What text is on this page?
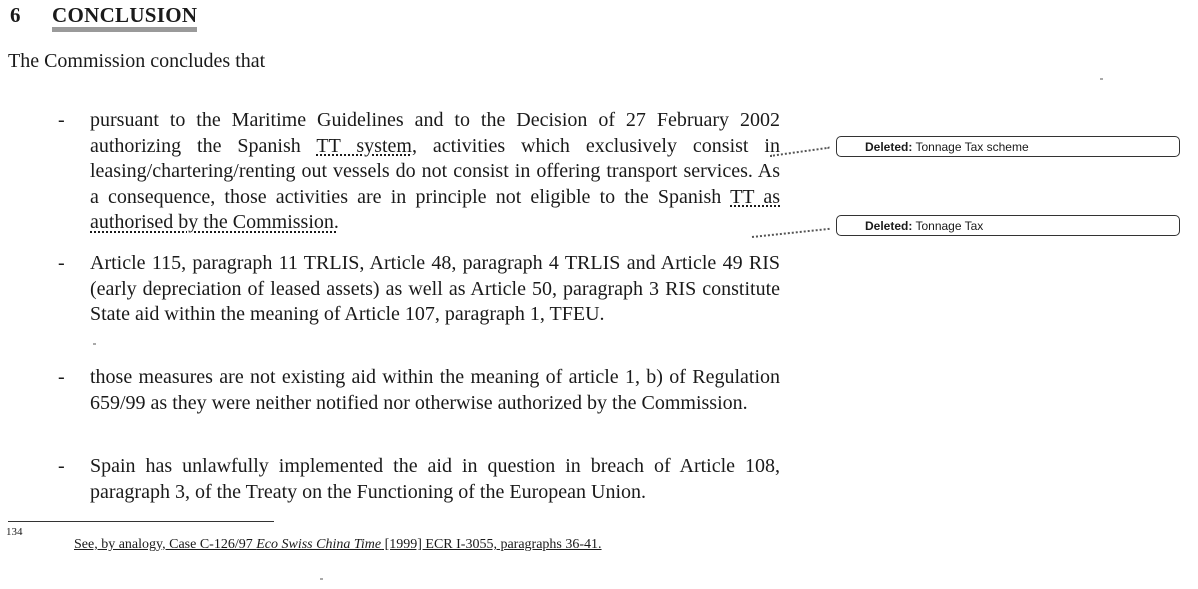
6 CONCLUSION
The Commission concludes that
-	pursuant to the Maritime Guidelines and to the Decision of 27 February 2002 authorizing the Spanish TT system, activities which exclusively consist in leasing/chartering/renting out vessels do not consist in offering transport services. As a consequence, those activities are in principle not eligible to the Spanish TT as authorised by the Commission.
-	Article 115, paragraph 11 TRLIS, Article 48, paragraph 4 TRLIS and Article 49 RIS (early depreciation of leased assets) as well as Article 50, paragraph 3 RIS constitute State aid within the meaning of Article 107, paragraph 1, TFEU.
-	those measures are not existing aid within the meaning of article 1, b) of Regulation 659/99 as they were neither notified nor otherwise authorized by the Commission.
-	Spain has unlawfully implemented the aid in question in breach of Article 108, paragraph 3, of the Treaty on the Functioning of the European Union.
Deleted: Tonnage Tax scheme
Deleted: Tonnage Tax
134
See, by analogy, Case C-126/97 Eco Swiss China Time [1999] ECR I-3055, paragraphs 36-41.
